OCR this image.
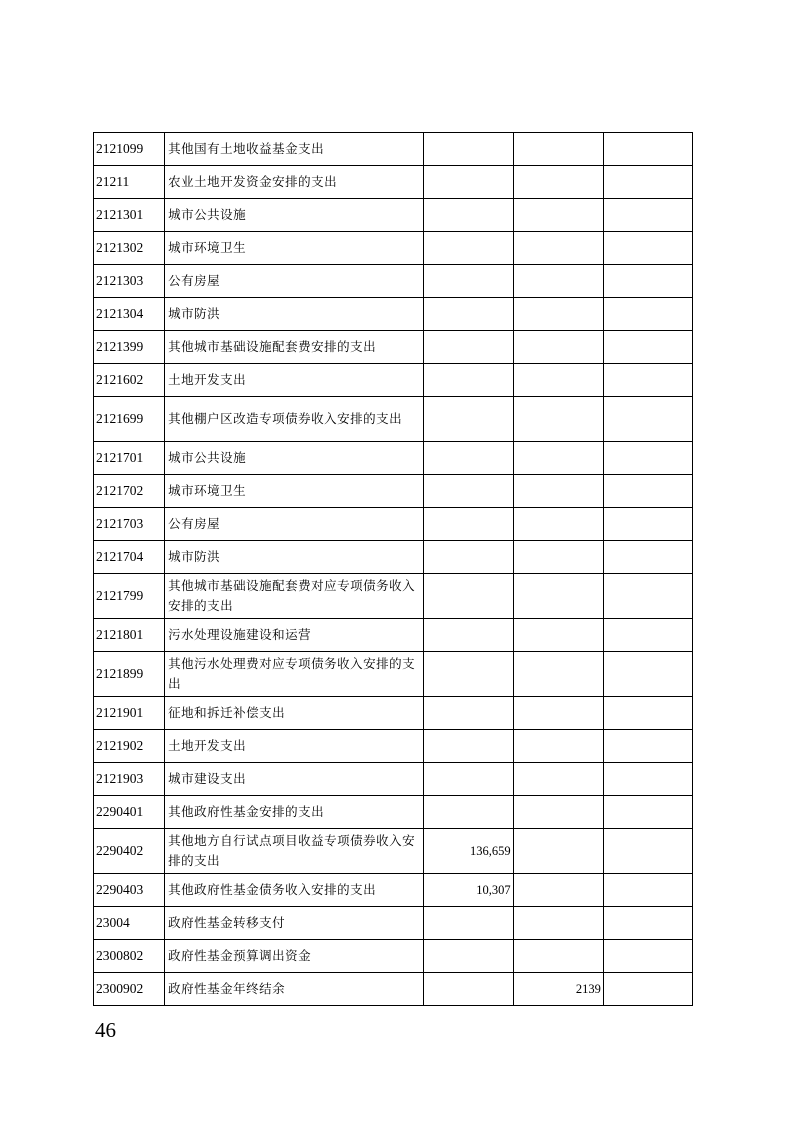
2121099	其他国有土地收益基金支出			
21211	农业土地开发资金安排的支出			
2121301	城市公共设施			
2121302	城市环境卫生			
2121303	公有房屋			
2121304	城市防洪			
2121399	其他城市基础设施配套费安排的支出			
2121602	土地开发支出			
2121699	其他棚户区改造专项债券收入安排的支出			
2121701	城市公共设施			
2121702	城市环境卫生			
2121703	公有房屋			
2121704	城市防洪			
2121799	其他城市基础设施配套费对应专项债务收入安排的支出			
2121801	污水处理设施建设和运营			
2121899	其他污水处理费对应专项债务收入安排的支出			
2121901	征地和拆迁补偿支出			
2121902	土地开发支出			
2121903	城市建设支出			
2290401	其他政府性基金安排的支出			
2290402	其他地方自行试点项目收益专项债券收入安排的支出	136,659		
2290403	其他政府性基金债务收入安排的支出	10,307		
23004	政府性基金转移支付			
2300802	政府性基金预算调出资金			
2300902	政府性基金年终结余		2139	
46
